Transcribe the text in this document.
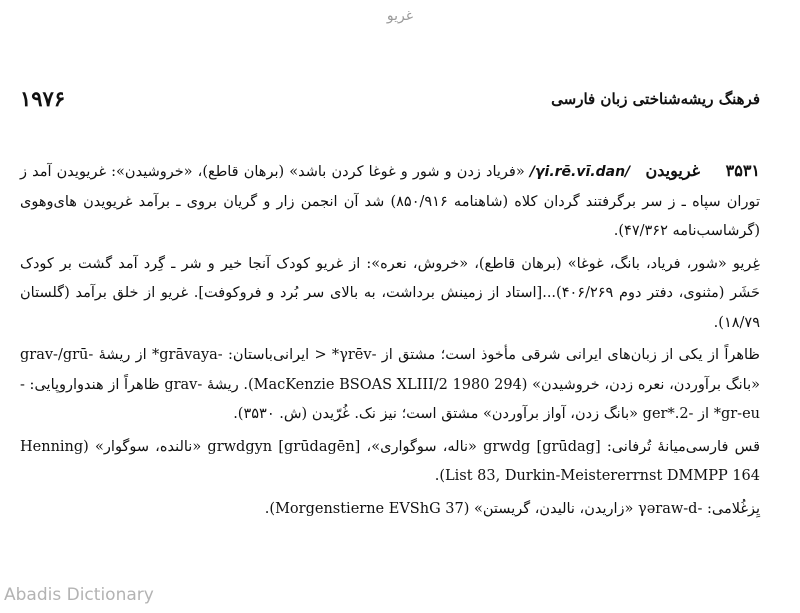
غریو
فرهنگ ریشه‌شناختی زبان فارسی
۱۹۷۶

۳۵۳۱     غریویدن   /γi.rē.vī.dan/ «فریاد زدن و شور و غوغا کردن باشد» (برهان قاطع)، «خروشیدن»: غریویدن آمد ز توران سپاه ـ ز سر برگرفتند گردان کلاه (شاهنامه ۸۵۰/۹۱۶) شد آن انجمن زار و گریان بروی ـ برآمد غریویدن های‌وهوی (گرشاسب‌نامه ۴۷/۳۶۲).

غِریو «شور، فریاد، بانگ، غوغا» (برهان قاطع)، «خروش، نعره»: از غریو کودک آنجا خیر و شر ـ گِرد آمد گشت بر کودک حَشَر (مثنوی، دفتر دوم ۴۰۶/۲۶۹)...[استاد از زمینش برداشت، به بالای سر بُرد و فروکوفت]. غریو از خلق برآمد (گلستان ۱۸/۷۹).

ظاهراً از یکی از زبان‌های ایرانی شرقی مأخوذ است؛ مشتق از -γrēv* < ایرانی‌باستان: -grāvaya* از ریشهٔ -grav-/grū «بانگ برآوردن، نعره زدن، خروشیدن» (MacKenzie BSOAS XLIII/2 1980 294). ریشهٔ -grav ظاهراً از هندواروپایی: -gr-eu* از -2.*ger «بانگ زدن، آواز برآوردن» مشتق است؛ نیز نک. غُرّیدن (ش. ۳۵۳۰).

قس فارسی‌میانهٔ تُرفانی: grwdg [grūdag] «ناله، سوگواری»، grwdgyn [grūdagēn] «نالنده، سوگوار» (Henning List 83, Durkin-Meistererrnst DMMPP 164).

یِزغُلامی: -γəraw-d «زاریدن، نالیدن، گریستن» (Morgenstierne EVShG 37).

Abadis Dictionary
